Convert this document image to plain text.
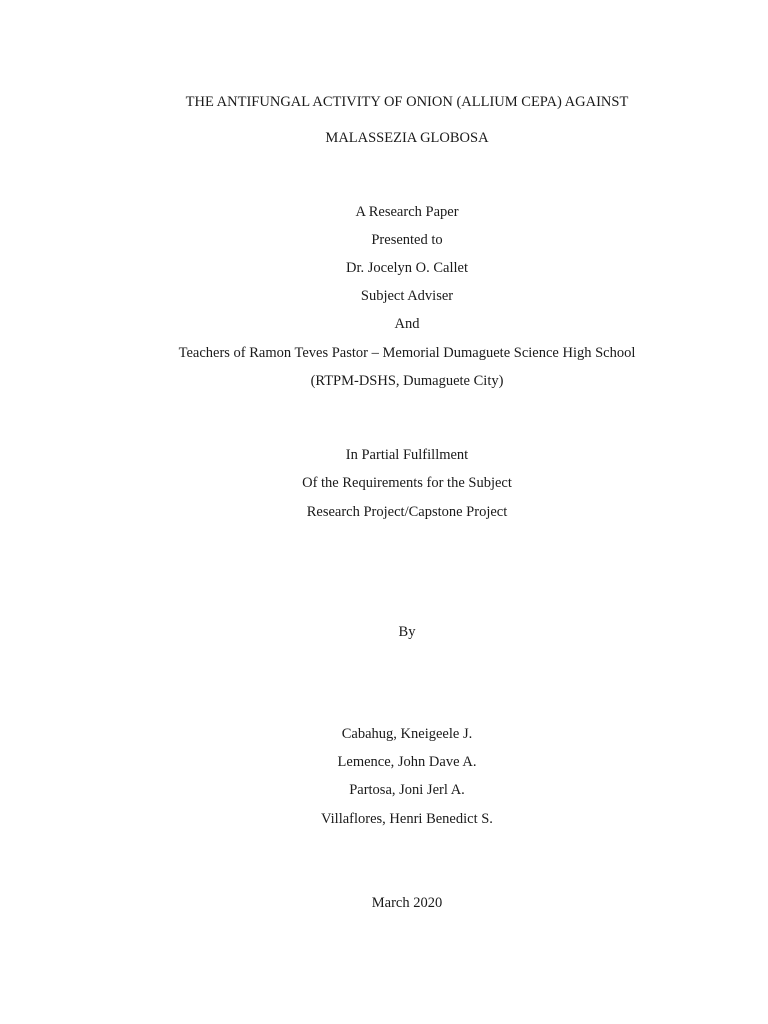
THE ANTIFUNGAL ACTIVITY OF ONION (ALLIUM CEPA) AGAINST
MALASSEZIA GLOBOSA
A Research Paper
Presented to
Dr. Jocelyn O. Callet
Subject Adviser
And
Teachers of Ramon Teves Pastor – Memorial Dumaguete Science High School
(RTPM-DSHS, Dumaguete City)
In Partial Fulfillment
Of the Requirements for the Subject
Research Project/Capstone Project
By
Cabahug, Kneigeele J.
Lemence, John Dave A.
Partosa, Joni Jerl A.
Villaflores, Henri Benedict S.
March 2020
